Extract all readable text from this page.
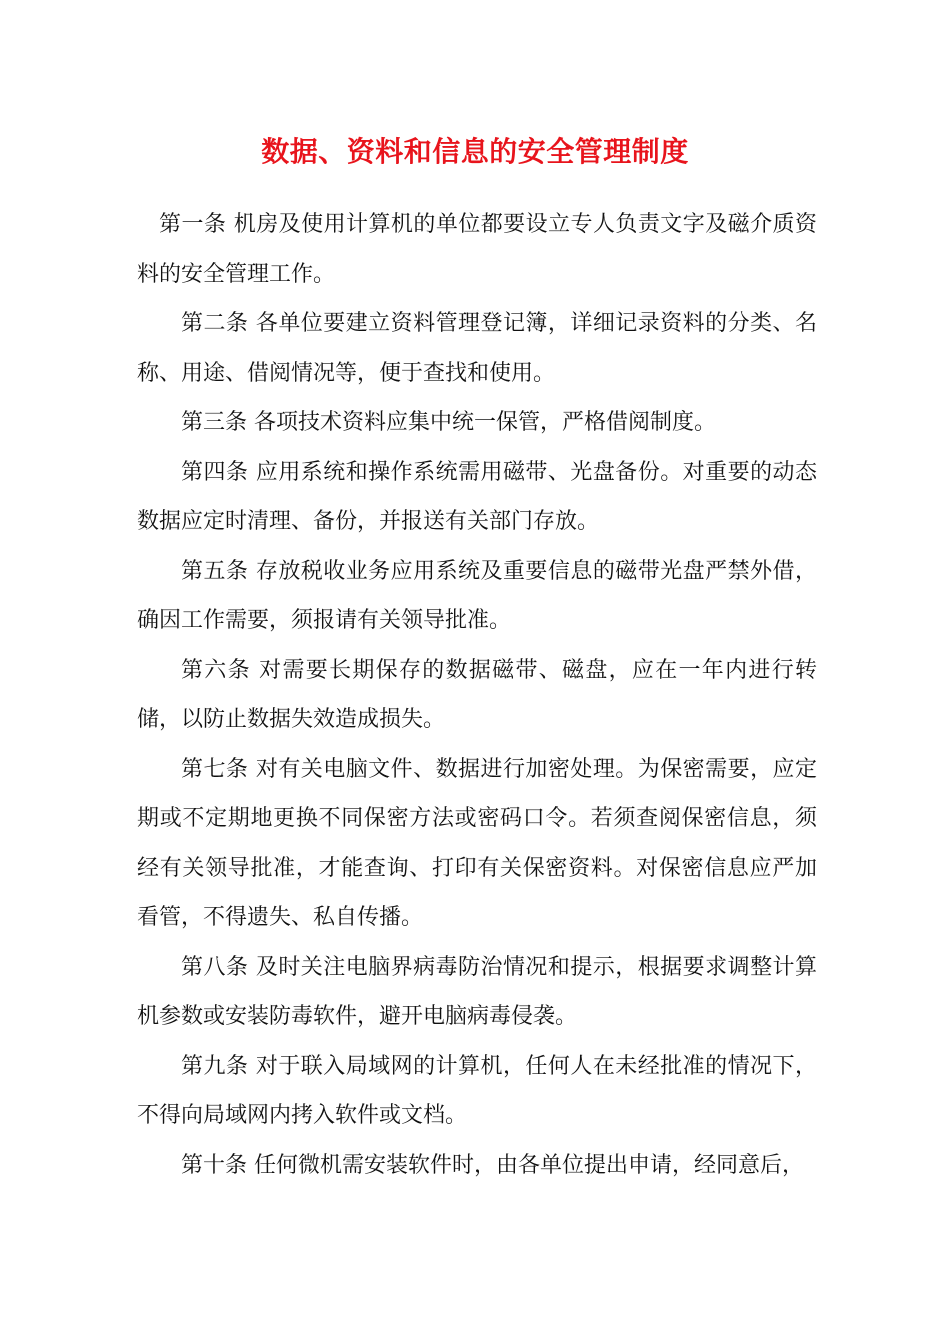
数据、资料和信息的安全管理制度

第一条 机房及使用计算机的单位都要设立专人负责文字及磁介质资料的安全管理工作。

第二条 各单位要建立资料管理登记簿，详细记录资料的分类、名称、用途、借阅情况等，便于查找和使用。

第三条 各项技术资料应集中统一保管，严格借阅制度。

第四条 应用系统和操作系统需用磁带、光盘备份。对重要的动态数据应定时清理、备份，并报送有关部门存放。

第五条 存放税收业务应用系统及重要信息的磁带光盘严禁外借，确因工作需要，须报请有关领导批准。

第六条 对需要长期保存的数据磁带、磁盘，应在一年内进行转储，以防止数据失效造成损失。

第七条 对有关电脑文件、数据进行加密处理。为保密需要，应定期或不定期地更换不同保密方法或密码口令。若须查阅保密信息，须经有关领导批准，才能查询、打印有关保密资料。对保密信息应严加看管，不得遗失、私自传播。

第八条 及时关注电脑界病毒防治情况和提示，根据要求调整计算机参数或安装防毒软件，避开电脑病毒侵袭。

第九条 对于联入局域网的计算机，任何人在未经批准的情况下，不得向局域网内拷入软件或文档。

第十条 任何微机需安装软件时，由各单位提出申请，经同意后，
